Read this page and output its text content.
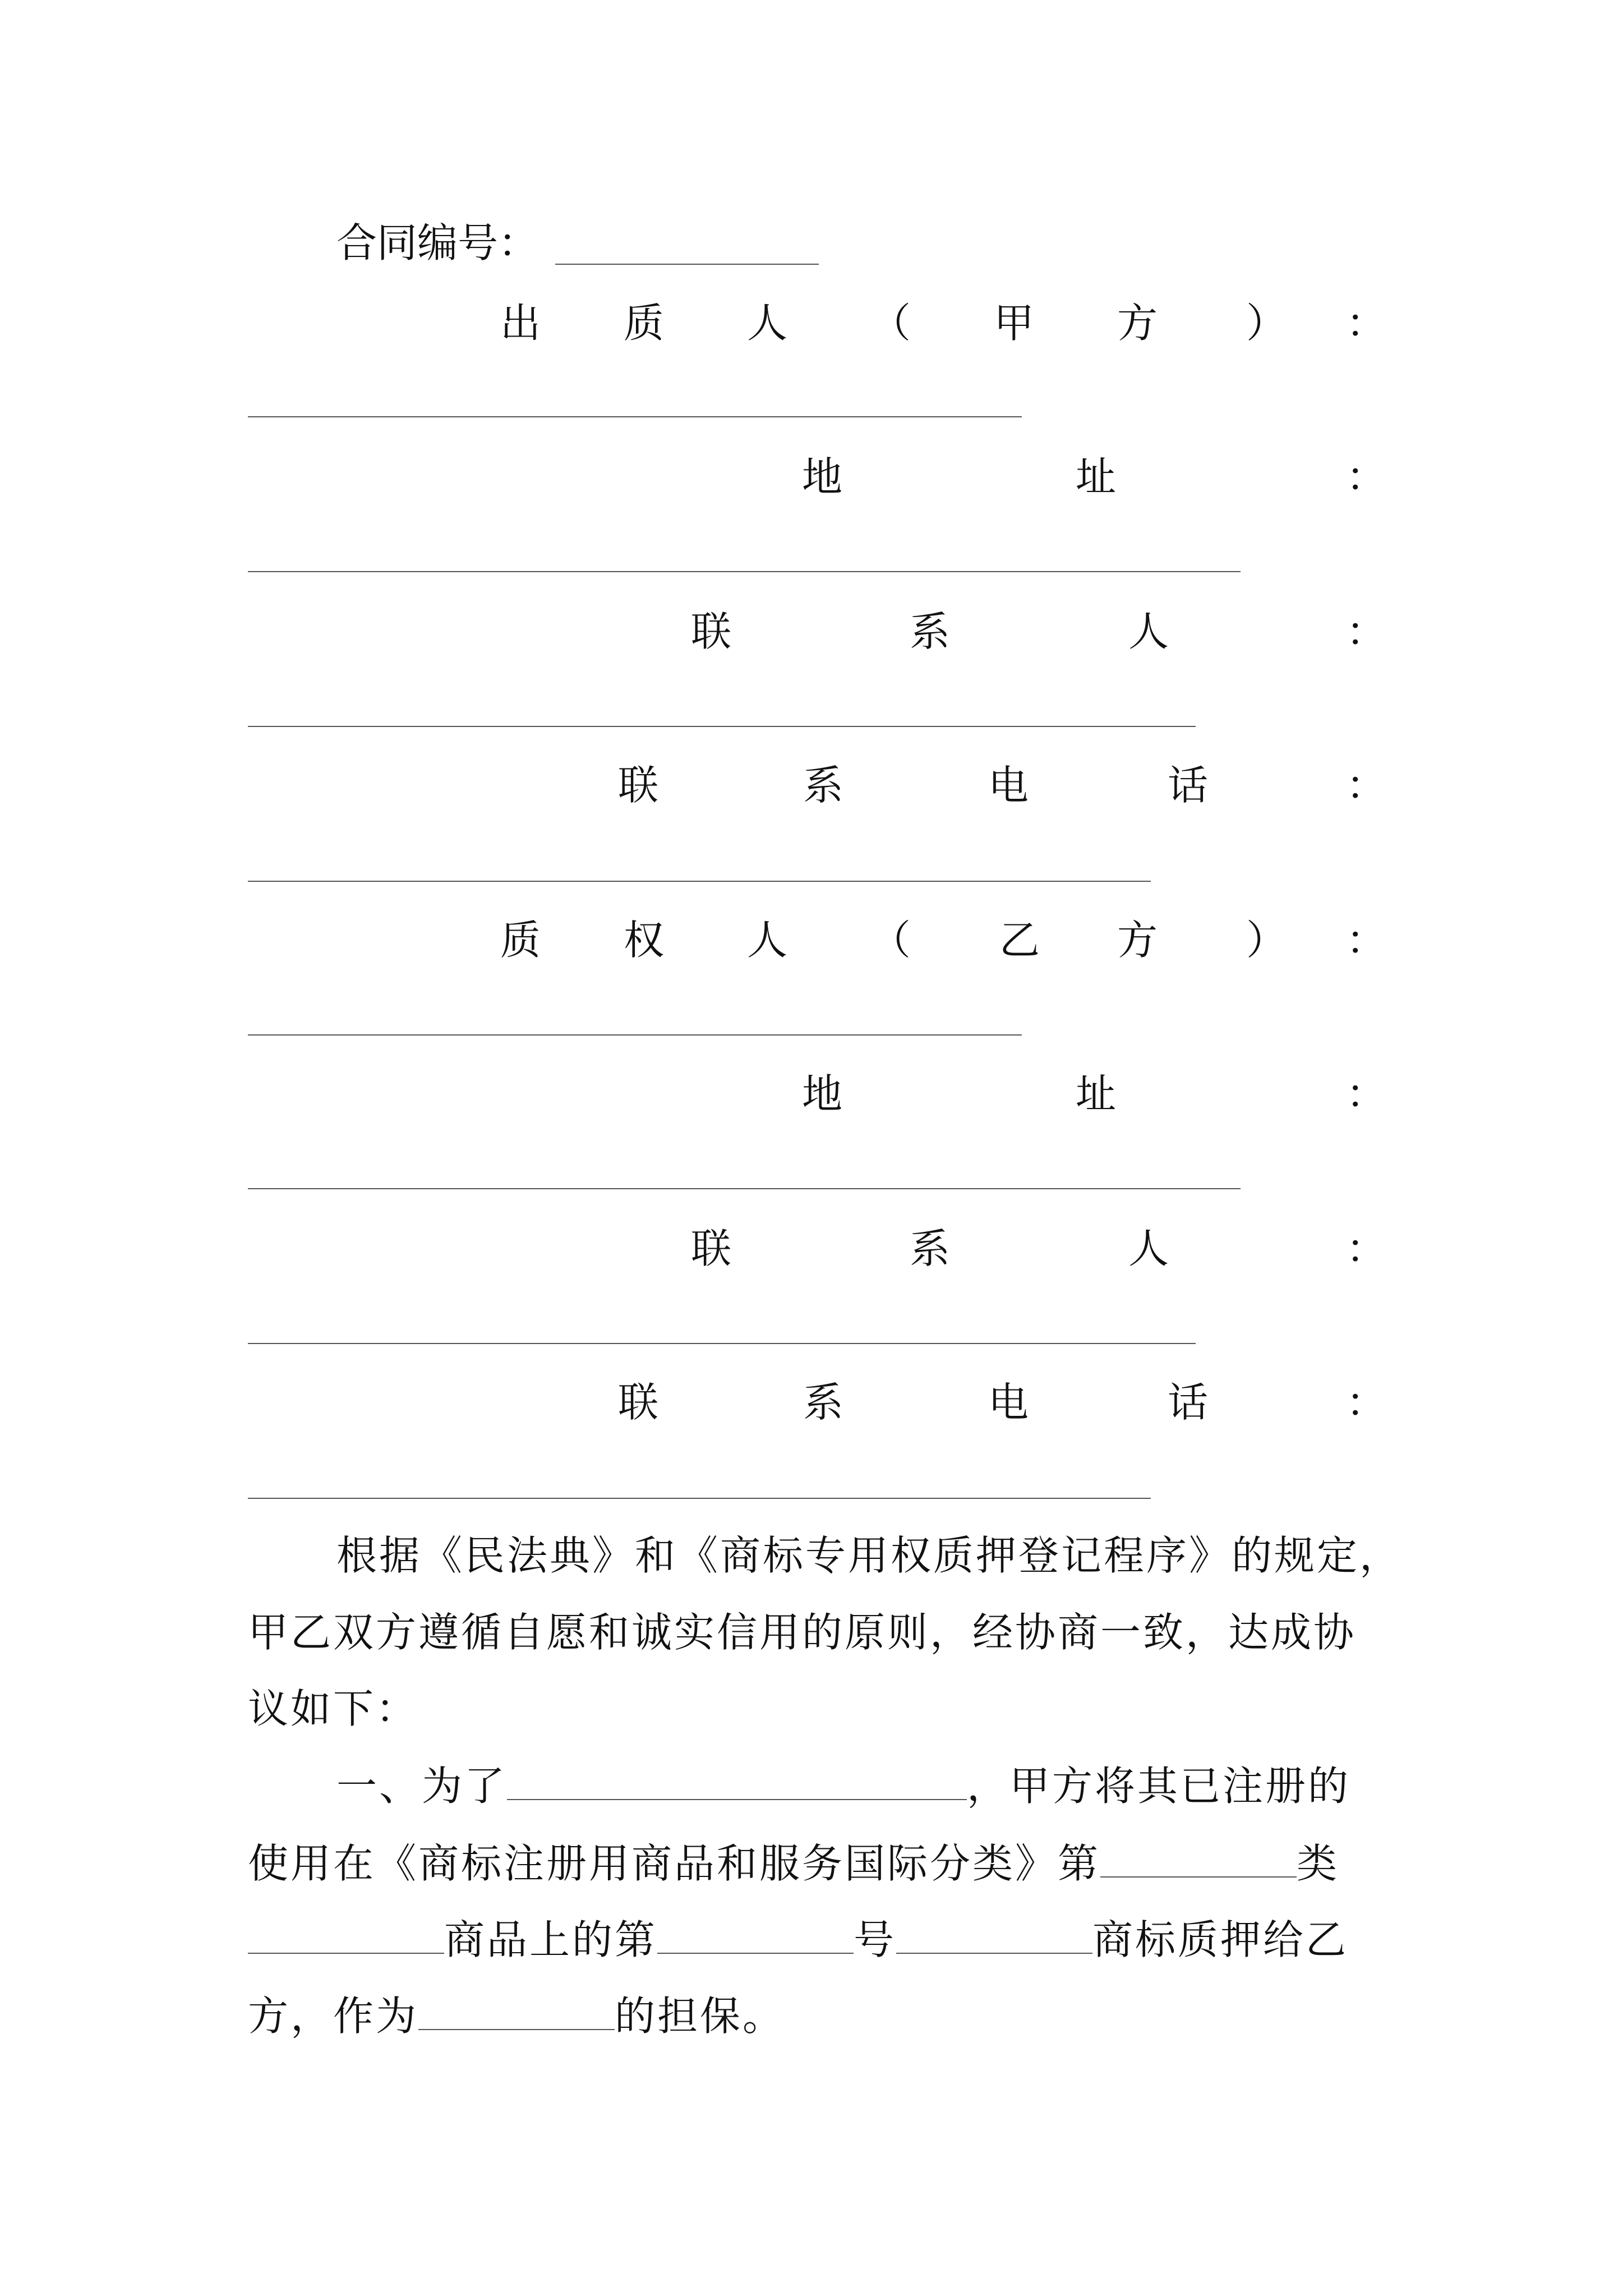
合同编号：
出 质 人 （ 甲 方 ） ：
地	址	：
联	系	人	：
联	系	电	话	：
质 权 人 （ 乙 方 ） ：
地	址	：
联	系	人	：
联	系	电	话	：
根据《民法典》和《商标专用权质押登记程序》的规定，
甲乙双方遵循自愿和诚实信用的原则，经协商一致，达成协
议如下：
一、为了	，甲方将其已注册的
使用在《商标注册用商品和服务国际分类》第	类
商品上的第	号	商标质押给乙
方，作为	的担保。
